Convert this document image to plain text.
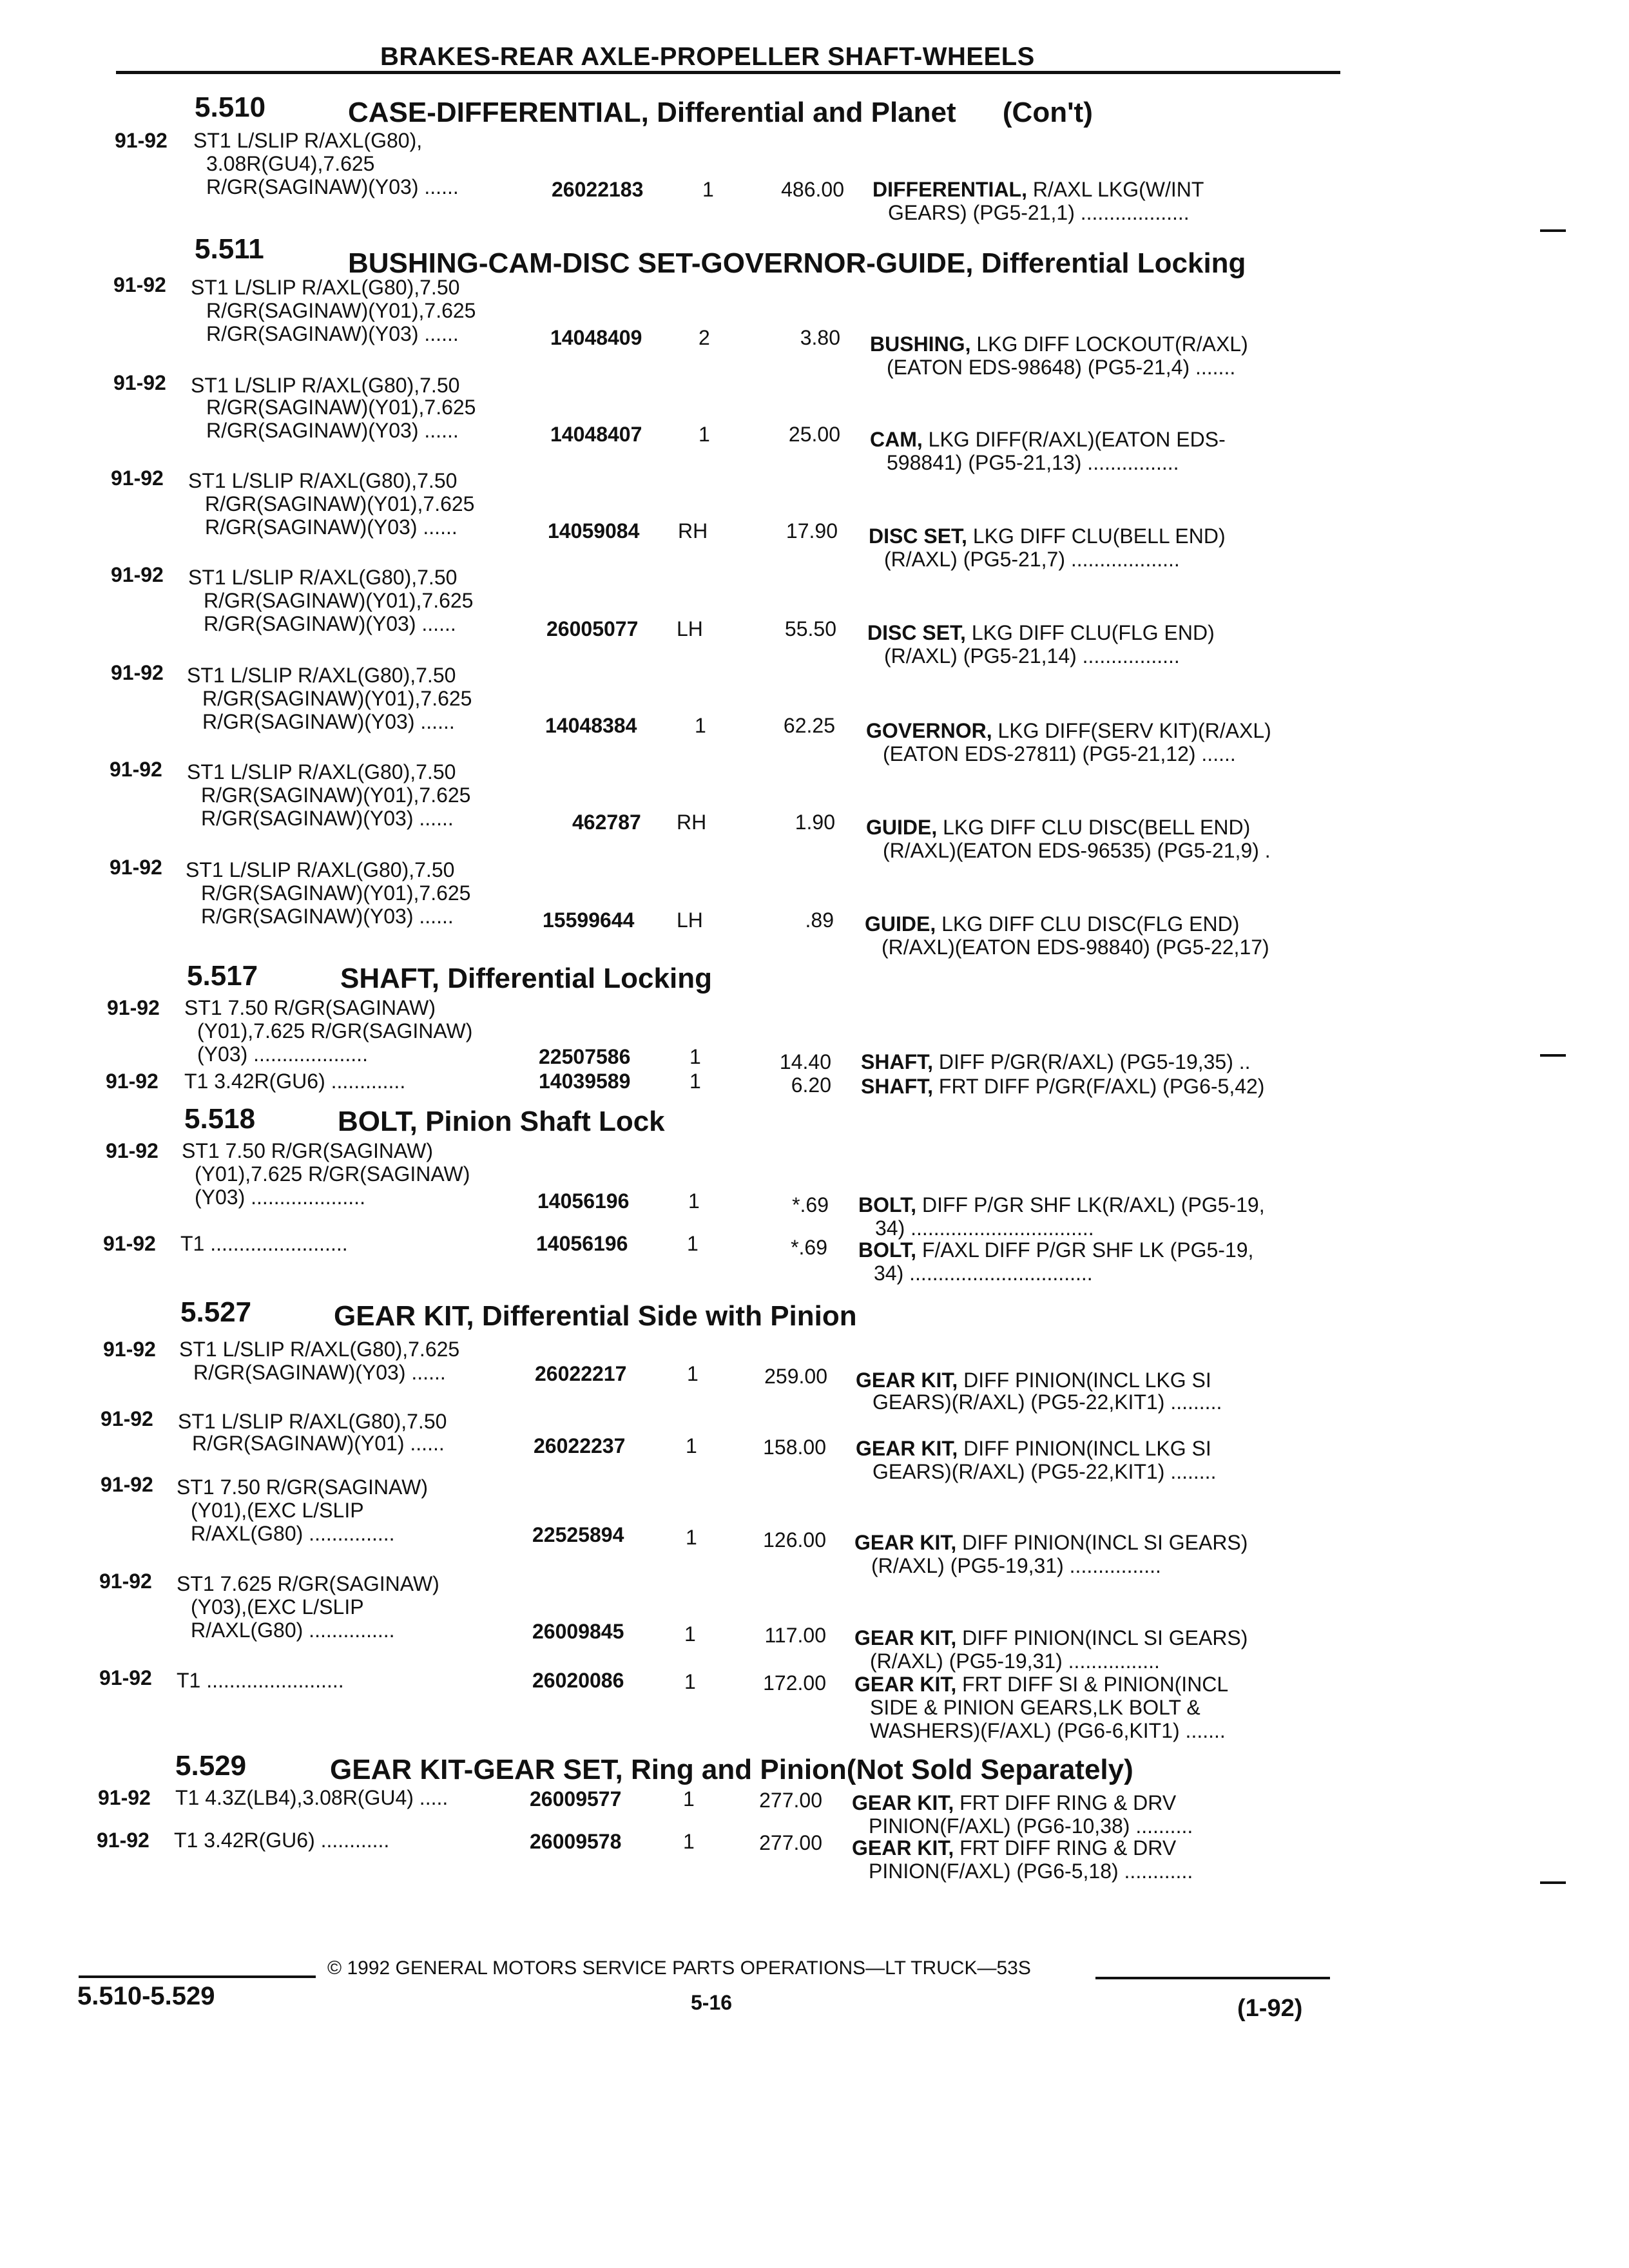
BRAKES-REAR AXLE-PROPELLER SHAFT-WHEELS
5.510	CASE-DIFFERENTIAL, Differential and Planet (Con't)
91-92 ST1 L/SLIP R/AXL(G80),
3.08R(GU4),7.625
R/GR(SAGINAW)(Y03) ......	26022183	1	486.00 DIFFERENTIAL, R/AXL LKG(W/INT
GEARS) (PG5-21,1) ...................
5.511	BUSHING-CAM-DISC SET-GOVERNOR-GUIDE, Differential Locking
91-92 ST1 L/SLIP R/AXL(G80),7.50
R/GR(SAGINAW)(Y01),7.625
R/GR(SAGINAW)(Y03) ......	14048409	2	3.80 BUSHING, LKG DIFF LOCKOUT(R/AXL)
(EATON EDS-98648) (PG5-21,4) .......
91-92 ST1 L/SLIP R/AXL(G80),7.50
R/GR(SAGINAW)(Y01),7.625
R/GR(SAGINAW)(Y03) ......	14048407	1	25.00 CAM, LKG DIFF(R/AXL)(EATON EDS-
598841) (PG5-21,13) ................
91-92 ST1 L/SLIP R/AXL(G80),7.50
R/GR(SAGINAW)(Y01),7.625
R/GR(SAGINAW)(Y03) ......	14059084 RH	17.90 DISC SET, LKG DIFF CLU(BELL END)
(R/AXL) (PG5-21,7) ...................
91-92 ST1 L/SLIP R/AXL(G80),7.50
R/GR(SAGINAW)(Y01),7.625
R/GR(SAGINAW)(Y03) ......	26005077 LH	55.50 DISC SET, LKG DIFF CLU(FLG END)
(R/AXL) (PG5-21,14) .................
91-92 ST1 L/SLIP R/AXL(G80),7.50
R/GR(SAGINAW)(Y01),7.625
R/GR(SAGINAW)(Y03) ......	14048384	1	62.25 GOVERNOR, LKG DIFF(SERV KIT)(R/AXL)
(EATON EDS-27811) (PG5-21,12) ......
91-92 ST1 L/SLIP R/AXL(G80),7.50
R/GR(SAGINAW)(Y01),7.625
R/GR(SAGINAW)(Y03) ......	462787 RH	1.90 GUIDE, LKG DIFF CLU DISC(BELL END)
(R/AXL)(EATON EDS-96535) (PG5-21,9) .
91-92 ST1 L/SLIP R/AXL(G80),7.50
R/GR(SAGINAW)(Y01),7.625
R/GR(SAGINAW)(Y03) ......	15599644 LH	.89 GUIDE, LKG DIFF CLU DISC(FLG END)
(R/AXL)(EATON EDS-98840) (PG5-22,17)
5.517	SHAFT, Differential Locking
91-92 ST1 7.50 R/GR(SAGINAW)
(Y01),7.625 R/GR(SAGINAW)
(Y03) ....................	22507586	1	14.40 SHAFT, DIFF P/GR(R/AXL) (PG5-19,35) ..
91-92 T1 3.42R(GU6) .............	14039589	1	6.20 SHAFT, FRT DIFF P/GR(F/AXL) (PG6-5,42)
5.518	BOLT, Pinion Shaft Lock
91-92 ST1 7.50 R/GR(SAGINAW)
(Y01),7.625 R/GR(SAGINAW)
(Y03) ....................	14056196	1	*.69 BOLT, DIFF P/GR SHF LK(R/AXL) (PG5-19,
34) ................................
91-92 T1 ........................	14056196	1	*.69 BOLT, F/AXL DIFF P/GR SHF LK (PG5-19,
34) ................................
5.527	GEAR KIT, Differential Side with Pinion
91-92 ST1 L/SLIP R/AXL(G80),7.625
R/GR(SAGINAW)(Y03) ......	26022217	1	259.00 GEAR KIT, DIFF PINION(INCL LKG SI
GEARS)(R/AXL) (PG5-22,KIT1) .........
91-92 ST1 L/SLIP R/AXL(G80),7.50
R/GR(SAGINAW)(Y01) ......	26022237	1	158.00 GEAR KIT, DIFF PINION(INCL LKG SI
GEARS)(R/AXL) (PG5-22,KIT1) ........
91-92 ST1 7.50 R/GR(SAGINAW)
(Y01),(EXC L/SLIP
R/AXL(G80) ...............	22525894	1	126.00 GEAR KIT, DIFF PINION(INCL SI GEARS)
(R/AXL) (PG5-19,31) ................
91-92 ST1 7.625 R/GR(SAGINAW)
(Y03),(EXC L/SLIP
R/AXL(G80) ...............	26009845	1	117.00 GEAR KIT, DIFF PINION(INCL SI GEARS)
(R/AXL) (PG5-19,31) ................
91-92 T1 ........................	26020086	1	172.00 GEAR KIT, FRT DIFF SI & PINION(INCL
SIDE & PINION GEARS,LK BOLT &
WASHERS)(F/AXL) (PG6-6,KIT1) .......
5.529	GEAR KIT-GEAR SET, Ring and Pinion(Not Sold Separately)
91-92 T1 4.3Z(LB4),3.08R(GU4) .....	26009577	1	277.00 GEAR KIT, FRT DIFF RING & DRV
PINION(F/AXL) (PG6-10,38) ..........
91-92 T1 3.42R(GU6) ............	26009578	1	277.00 GEAR KIT, FRT DIFF RING & DRV
PINION(F/AXL) (PG6-5,18) ............
© 1992 GENERAL MOTORS SERVICE PARTS OPERATIONS—LT TRUCK—53S
5.510-5.529	5-16	(1-92)
